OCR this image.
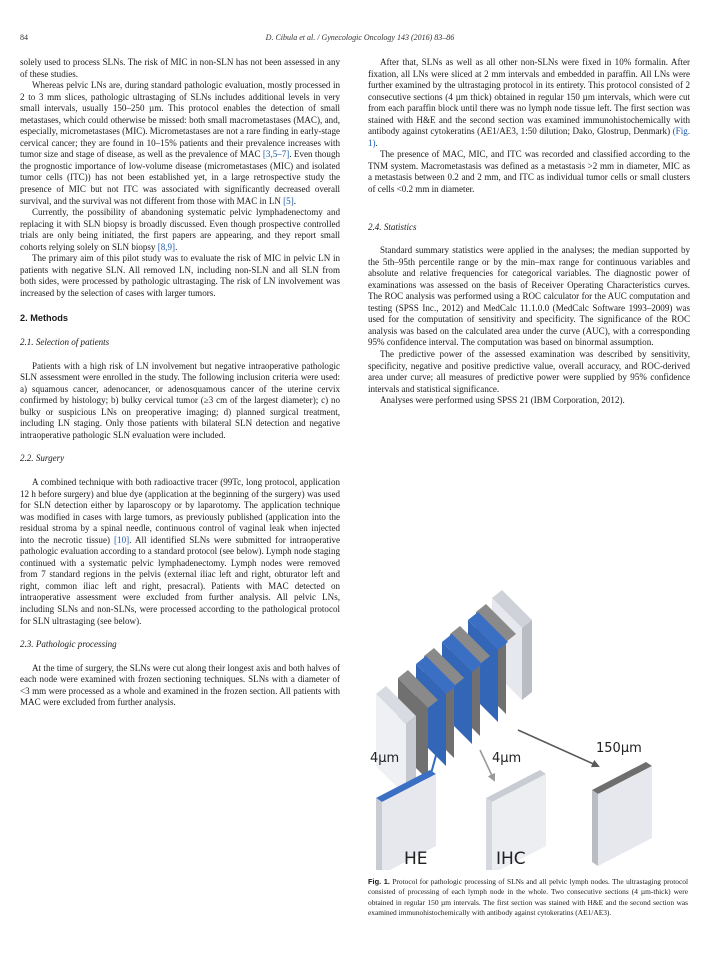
84	D. Cibula et al. / Gynecologic Oncology 143 (2016) 83–86

solely used to process SLNs. The risk of MIC in non-SLN has not been assessed in any of these studies.

Whereas pelvic LNs are, during standard pathologic evaluation, mostly processed in 2 to 3 mm slices, pathologic ultrastaging of SLNs includes additional levels in very small intervals, usually 150–250 µm. This protocol enables the detection of small metastases, which could otherwise be missed: both small macrometastases (MAC), and, especially, micrometastases (MIC). Micrometastases are not a rare finding in early-stage cervical cancer; they are found in 10–15% patients and their prevalence increases with tumor size and stage of disease, as well as the prevalence of MAC [3,5–7]. Even though the prognostic importance of low-volume disease (micrometastases (MIC) and isolated tumor cells (ITC)) has not been established yet, in a large retrospective study the presence of MIC but not ITC was associated with significantly decreased overall survival, and the survival was not different from those with MAC in LN [5].

Currently, the possibility of abandoning systematic pelvic lymphadenectomy and replacing it with SLN biopsy is broadly discussed. Even though prospective controlled trials are only being initiated, the first papers are appearing, and they report small cohorts relying solely on SLN biopsy [8,9].

The primary aim of this pilot study was to evaluate the risk of MIC in pelvic LN in patients with negative SLN. All removed LN, including non-SLN and all SLN from both sides, were processed by pathologic ultrastaging. The risk of LN involvement was increased by the selection of cases with larger tumors.

2. Methods
2.1. Selection of patients

Patients with a high risk of LN involvement but negative intraoperative pathologic SLN assessment were enrolled in the study. The following inclusion criteria were used: a) squamous cancer, adenocancer, or adenosquamous cancer of the uterine cervix confirmed by histology; b) bulky cervical tumor (≥3 cm of the largest diameter); c) no bulky or suspicious LNs on preoperative imaging; d) planned surgical treatment, including LN staging. Only those patients with bilateral SLN detection and negative intraoperative pathologic SLN evaluation were included.

2.2. Surgery

A combined technique with both radioactive tracer (99Tc, long protocol, application 12 h before surgery) and blue dye (application at the beginning of the surgery) was used for SLN detection either by laparoscopy or by laparotomy. The application technique was modified in cases with large tumors, as previously published (application into the residual stroma by a spinal needle, continuous control of vaginal leak when injected into the necrotic tissue) [10]. All identified SLNs were submitted for intraoperative pathologic evaluation according to a standard protocol (see below). Lymph node staging continued with a systematic pelvic lymphadenectomy. Lymph nodes were removed from 7 standard regions in the pelvis (external iliac left and right, obturator left and right, common iliac left and right, presacral). Patients with MAC detected on intraoperative assessment were excluded from further analysis. All pelvic LNs, including SLNs and non-SLNs, were processed according to the pathological protocol for SLN ultrastaging (see below).

2.3. Pathologic processing

At the time of surgery, the SLNs were cut along their longest axis and both halves of each node were examined with frozen sectioning techniques. SLNs with a diameter of <3 mm were processed as a whole and examined in the frozen section. All patients with MAC were excluded from further analysis.

After that, SLNs as well as all other non-SLNs were fixed in 10% formalin. After fixation, all LNs were sliced at 2 mm intervals and embedded in paraffin. All LNs were further examined by the ultrastaging protocol in its entirety. This protocol consisted of 2 consecutive sections (4 µm thick) obtained in regular 150 µm intervals, which were cut from each paraffin block until there was no lymph node tissue left. The first section was stained with H&E and the second section was examined immunohistochemically with antibody against cytokeratins (AE1/AE3, 1:50 dilution; Dako, Glostrup, Denmark) (Fig. 1).

The presence of MAC, MIC, and ITC was recorded and classified according to the TNM system. Macrometastasis was defined as a metastasis >2 mm in diameter, MIC as a metastasis between 0.2 and 2 mm, and ITC as individual tumor cells or small clusters of cells <0.2 mm in diameter.

2.4. Statistics

Standard summary statistics were applied in the analyses; the median supported by the 5th–95th percentile range or by the min–max range for continuous variables and absolute and relative frequencies for categorical variables. The diagnostic power of examinations was assessed on the basis of Receiver Operating Characteristics curves. The ROC analysis was performed using a ROC calculator for the AUC computation and testing (SPSS Inc., 2012) and MedCalc 11.1.0.0 (MedCalc Software 1993–2009) was used for the computation of sensitivity and specificity. The significance of the ROC analysis was based on the calculated area under the curve (AUC), with a corresponding 95% confidence interval. The computation was based on binormal assumption.

The predictive power of the assessed examination was described by sensitivity, specificity, negative and positive predictive value, overall accuracy, and ROC-derived area under curve; all measures of predictive power were supplied by 95% confidence intervals and statistical significance.

Analyses were performed using SPSS 21 (IBM Corporation, 2012).

4µm	4µm
150µm
HE	IHC
Fig. 1. Protocol for pathologic processing of SLNs and all pelvic lymph nodes. The ultrastaging protocol consisted of processing of each lymph node in the whole. Two consecutive sections (4 µm-thick) were obtained in regular 150 µm intervals. The first section was stained with H&E and the second section was examined immunohistochemically with antibody against cytokeratins (AE1/AE3).
